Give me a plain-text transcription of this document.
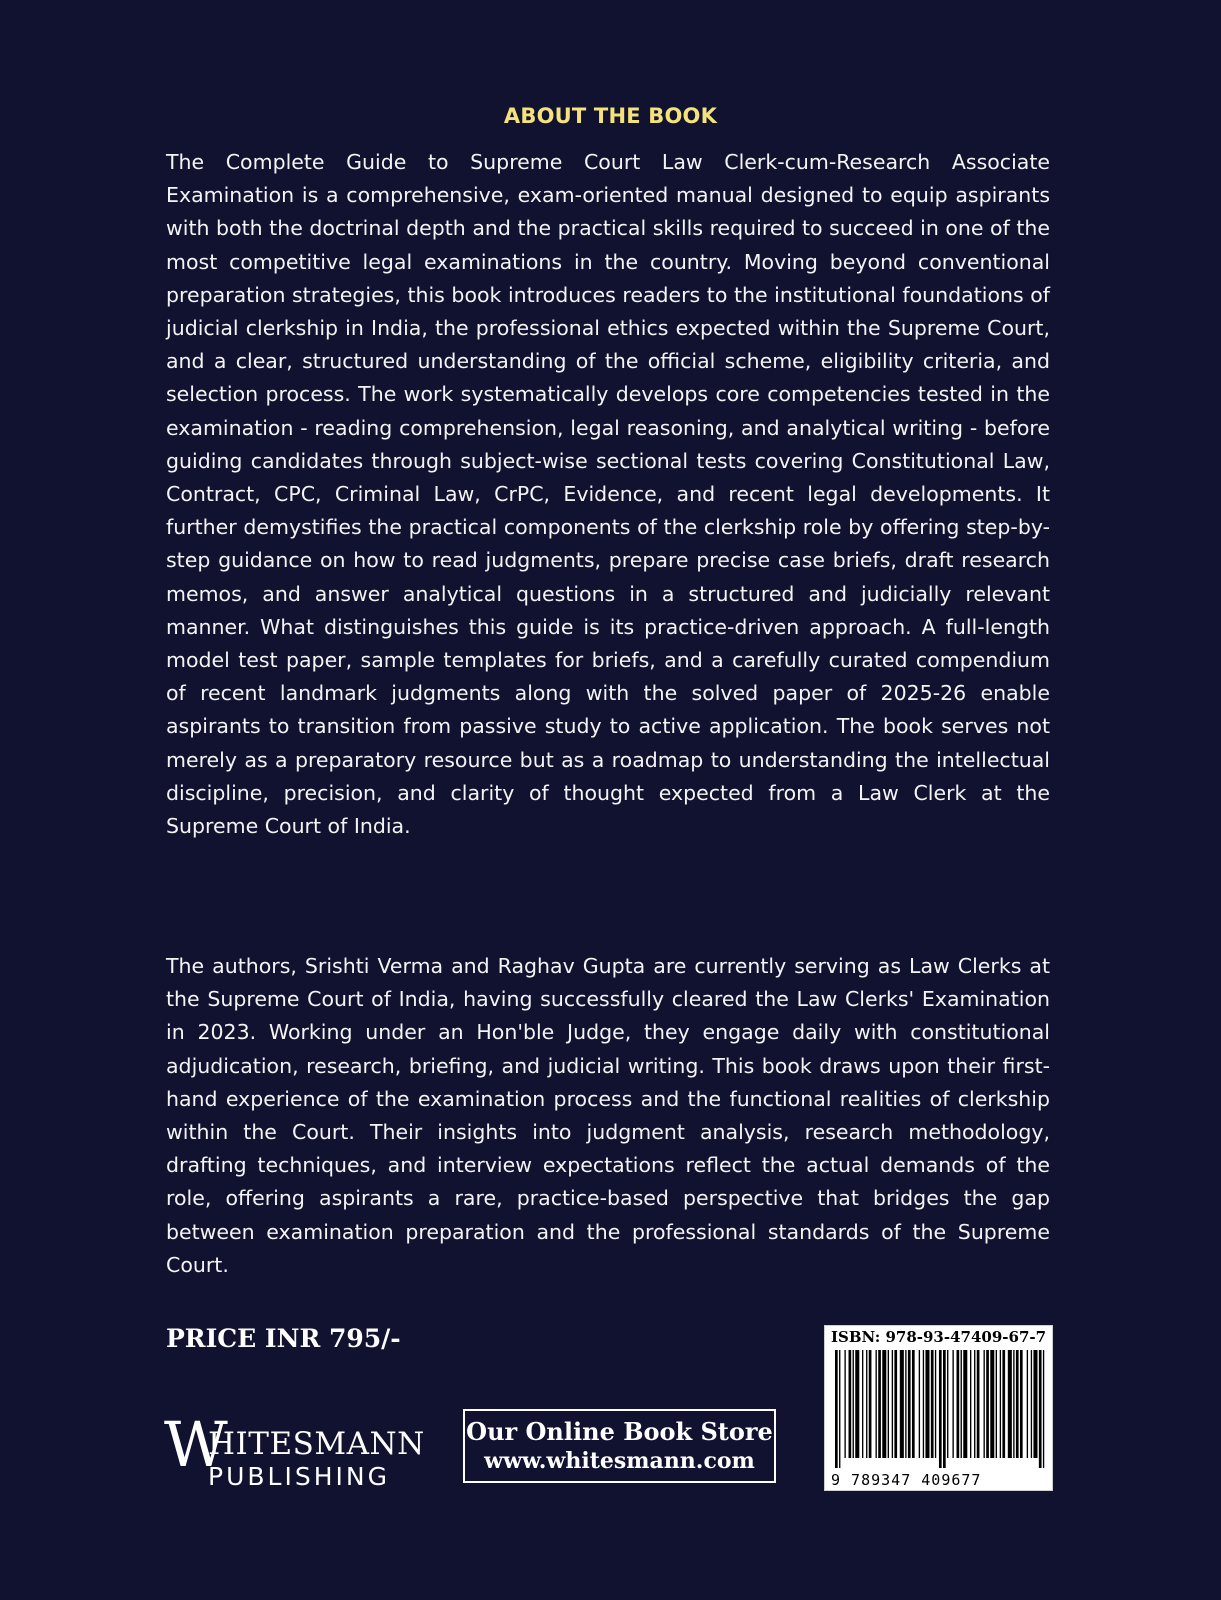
ABOUT THE BOOK

The Complete Guide to Supreme Court Law Clerk-cum-Research Associate Examination is a comprehensive, exam-oriented manual designed to equip aspirants with both the doctrinal depth and the practical skills required to succeed in one of the most competitive legal examinations in the country. Moving beyond conventional preparation strategies, this book introduces readers to the institutional foundations of judicial clerkship in India, the professional ethics expected within the Supreme Court, and a clear, structured understanding of the official scheme, eligibility criteria, and selection process. The work systematically develops core competencies tested in the examination - reading comprehension, legal reasoning, and analytical writing - before guiding candidates through subject-wise sectional tests covering Constitutional Law, Contract, CPC, Criminal Law, CrPC, Evidence, and recent legal developments. It further demystifies the practical components of the clerkship role by offering step-by-step guidance on how to read judgments, prepare precise case briefs, draft research memos, and answer analytical questions in a structured and judicially relevant manner. What distinguishes this guide is its practice-driven approach. A full-length model test paper, sample templates for briefs, and a carefully curated compendium of recent landmark judgments along with the solved paper of 2025-26 enable aspirants to transition from passive study to active application. The book serves not merely as a preparatory resource but as a roadmap to understanding the intellectual discipline, precision, and clarity of thought expected from a Law Clerk at the Supreme Court of India.

The authors, Srishti Verma and Raghav Gupta are currently serving as Law Clerks at the Supreme Court of India, having successfully cleared the Law Clerks' Examination in 2023. Working under an Hon'ble Judge, they engage daily with constitutional adjudication, research, briefing, and judicial writing. This book draws upon their first-hand experience of the examination process and the functional realities of clerkship within the Court. Their insights into judgment analysis, research methodology, drafting techniques, and interview expectations reflect the actual demands of the role, offering aspirants a rare, practice-based perspective that bridges the gap between examination preparation and the professional standards of the Supreme Court.

PRICE INR 795/-
W
HITESMANN
PUBLISHING
Our Online Book Store
www.whitesmann.com
ISBN: 978-93-47409-67-7
9 789347 409677
